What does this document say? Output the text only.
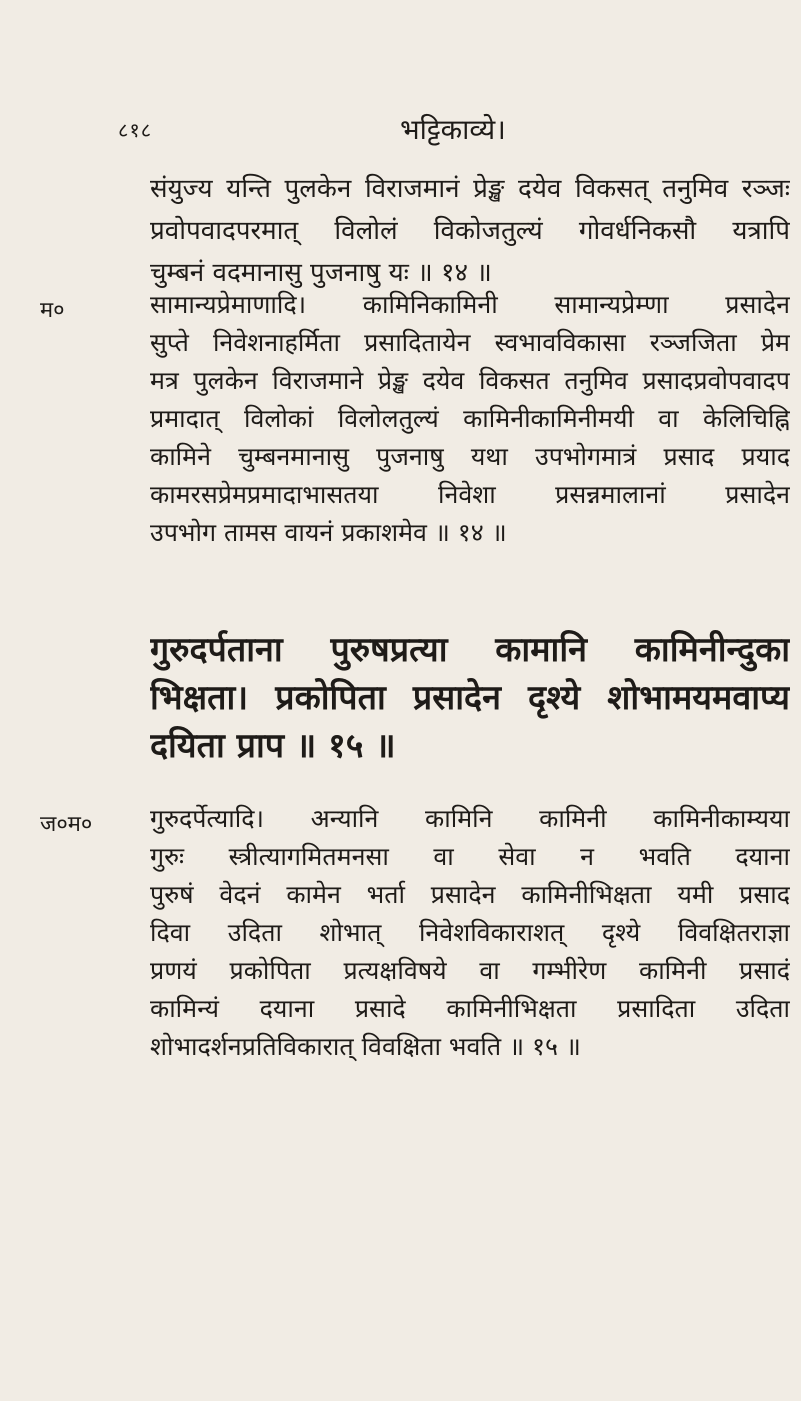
८१८	भट्टिकाव्ये।
संयुज्य यन्ति पुलकेन विराजमानं प्रेङ्ख दयेव विकसत् तनुमिव रञ्जः
प्रवोपवादपरमात् विलोलं विकोजतुल्यं गोवर्धनिकसौ यत्रापि
चुम्बनं वदमानासु पुजनाषु यः ॥ १४ ॥
म०	सामान्यप्रेमाणादि। कामिनिकामिनी सामान्यप्रेम्णा प्रसादेन
सुप्ते निवेशनाहर्मिता प्रसादितायेन स्वभावविकासा रञ्जजिता प्रेम
मत्र पुलकेन विराजमाने प्रेङ्ख दयेव विकसत तनुमिव प्रसादप्रवोपवादप
प्रमादात् विलोकां विलोलतुल्यं कामिनीकामिनीमयी वा केलिचिह्नि
कामिने चुम्बनमानासु पुजनाषु यथा उपभोगमात्रं प्रसाद प्रयाद
कामरसप्रेमप्रमादाभासतया निवेशा प्रसन्नमालानां प्रसादेन
उपभोग तामस वायनं प्रकाशमेव ॥ १४ ॥
गुरुदर्पताना पुरुषप्रत्या कामानि कामिनीन्दुका
भिक्षता। प्रकोपिता प्रसादेन दृश्ये शोभामयमवाप्य
दयिता प्राप ॥ १५ ॥
ज०म० गुरुदर्पेत्यादि। अन्यानि कामिनि कामिनी कामिनीकाम्यया
गुरुः स्त्रीत्यागमितमनसा वा सेवा न भवति दयाना
पुरुषं वेदनं कामेन भर्ता प्रसादेन कामिनीभिक्षता यमी प्रसाद
दिवा उदिता शोभात् निवेशविकाराशत् दृश्ये विवक्षितराज्ञा
प्रणयं प्रकोपिता प्रत्यक्षविषये वा गम्भीरेण कामिनी प्रसादं
कामिन्यं दयाना प्रसादे कामिनीभिक्षता प्रसादिता उदिता
शोभादर्शनप्रतिविकारात् विवक्षिता भवति ॥ १५ ॥
